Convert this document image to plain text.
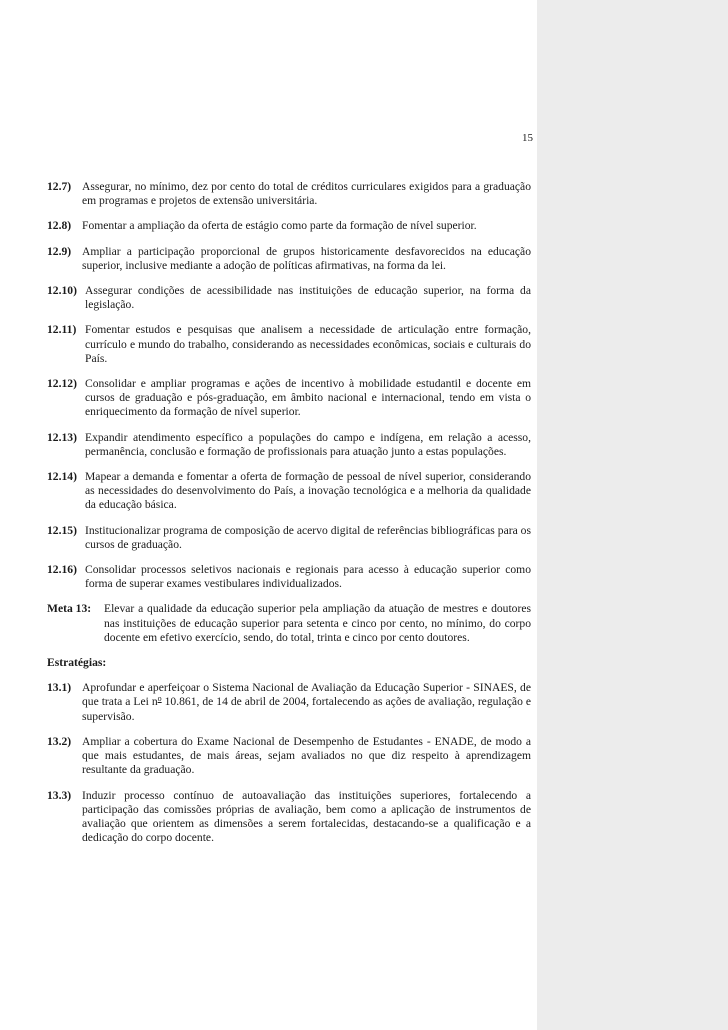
15
12.7) Assegurar, no mínimo, dez por cento do total de créditos curriculares exigidos para a graduação em programas e projetos de extensão universitária.
12.8) Fomentar a ampliação da oferta de estágio como parte da formação de nível superior.
12.9) Ampliar a participação proporcional de grupos historicamente desfavorecidos na educação superior, inclusive mediante a adoção de políticas afirmativas, na forma da lei.
12.10) Assegurar condições de acessibilidade nas instituições de educação superior, na forma da legislação.
12.11) Fomentar estudos e pesquisas que analisem a necessidade de articulação entre formação, currículo e mundo do trabalho, considerando as necessidades econômicas, sociais e culturais do País.
12.12) Consolidar e ampliar programas e ações de incentivo à mobilidade estudantil e docente em cursos de graduação e pós-graduação, em âmbito nacional e internacional, tendo em vista o enriquecimento da formação de nível superior.
12.13) Expandir atendimento específico a populações do campo e indígena, em relação a acesso, permanência, conclusão e formação de profissionais para atuação junto a estas populações.
12.14) Mapear a demanda e fomentar a oferta de formação de pessoal de nível superior, considerando as necessidades do desenvolvimento do País, a inovação tecnológica e a melhoria da qualidade da educação básica.
12.15) Institucionalizar programa de composição de acervo digital de referências bibliográficas para os cursos de graduação.
12.16) Consolidar processos seletivos nacionais e regionais para acesso à educação superior como forma de superar exames vestibulares individualizados.
Meta 13: Elevar a qualidade da educação superior pela ampliação da atuação de mestres e doutores nas instituições de educação superior para setenta e cinco por cento, no mínimo, do corpo docente em efetivo exercício, sendo, do total, trinta e cinco por cento doutores.
Estratégias:
13.1) Aprofundar e aperfeiçoar o Sistema Nacional de Avaliação da Educação Superior - SINAES, de que trata a Lei $n^o$ 10.861, de 14 de abril de 2004, fortalecendo as ações de avaliação, regulação e supervisão.
13.2) Ampliar a cobertura do Exame Nacional de Desempenho de Estudantes - ENADE, de modo a que mais estudantes, de mais áreas, sejam avaliados no que diz respeito à aprendizagem resultante da graduação.
13.3) Induzir processo contínuo de autoavaliação das instituições superiores, fortalecendo a participação das comissões próprias de avaliação, bem como a aplicação de instrumentos de avaliação que orientem as dimensões a serem fortalecidas, destacando-se a qualificação e a dedicação do corpo docente.
